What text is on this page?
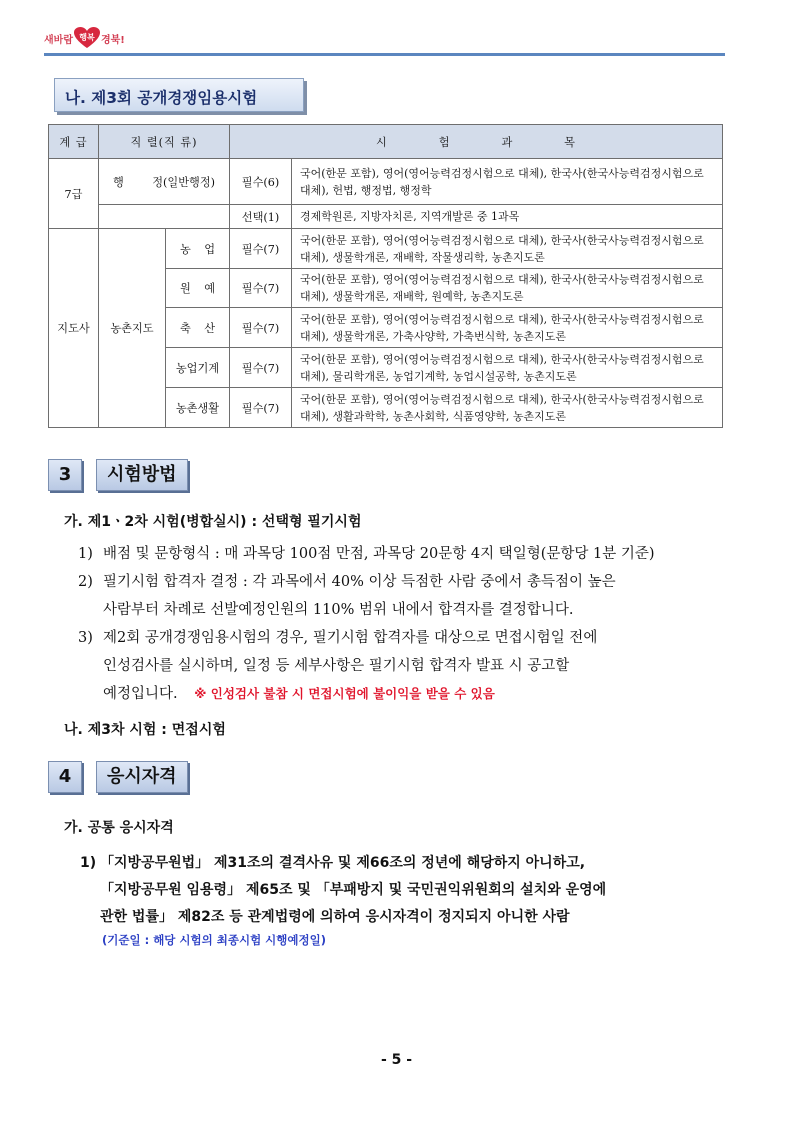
새바람 행복 경북!
나. 제3회 공개경쟁임용시험
계 급	직 렬(직 류)		시 험 과 목	

7급	행 정(일반행정)		필수(6)	국어(한문 포함), 영어(영어능력검정시험으로 대체), 한국사(한국사능력검정시험으로 대체), 헌법, 행정법, 행정학
			선택(1)	경제학원론, 지방자치론, 지역개발론 중 1과목
지도사	농촌지도	농 업	필수(7)	국어(한문 포함), 영어(영어능력검정시험으로 대체), 한국사(한국사능력검정시험으로 대체), 생물학개론, 재배학, 작물생리학, 농촌지도론

		원 예	필수(7)	국어(한문 포함), 영어(영어능력검정시험으로 대체), 한국사(한국사능력검정시험으로 대체), 생물학개론, 재배학, 원예학, 농촌지도론

		축 산	필수(7)	국어(한문 포함), 영어(영어능력검정시험으로 대체), 한국사(한국사능력검정시험으로 대체), 생물학개론, 가축사양학, 가축번식학, 농촌지도론
		농업기계	필수(7)	국어(한문 포함), 영어(영어능력검정시험으로 대체), 한국사(한국사능력검정시험으로 대체), 물리학개론, 농업기계학, 농업시설공학, 농촌지도론
		농촌생활	필수(7)	국어(한문 포함), 영어(영어능력검정시험으로 대체), 한국사(한국사능력검정시험으로 대체), 생활과학학, 농촌사회학, 식품영양학, 농촌지도론
3	시험방법
가. 제1ㆍ2차 시험(병합실시) : 선택형 필기시험
1) 배점 및 문항형식 : 매 과목당 100점 만점, 과목당 20문항 4지 택일형(문항당 1분 기준)
2) 필기시험 합격자 결정 : 각 과목에서 40% 이상 득점한 사람 중에서 총득점이 높은
사람부터 차례로 선발예정인원의 110% 범위 내에서 합격자를 결정합니다.
3) 제2회 공개경쟁임용시험의 경우, 필기시험 합격자를 대상으로 면접시험일 전에
인성검사를 실시하며, 일정 등 세부사항은 필기시험 합격자 발표 시 공고할
예정입니다. ※ 인성검사 불참 시 면접시험에 불이익을 받을 수 있음
나. 제3차 시험 : 면접시험
4	응시자격
가. 공통 응시자격
1) 「지방공무원법」 제31조의 결격사유 및 제66조의 정년에 해당하지 아니하고,
「지방공무원 임용령」 제65조 및 「부패방지 및 국민권익위원회의 설치와 운영에
관한 법률」 제82조 등 관계법령에 의하여 응시자격이 정지되지 아니한 사람
(기준일 : 해당 시험의 최종시험 시행예정일)
- 5 -
